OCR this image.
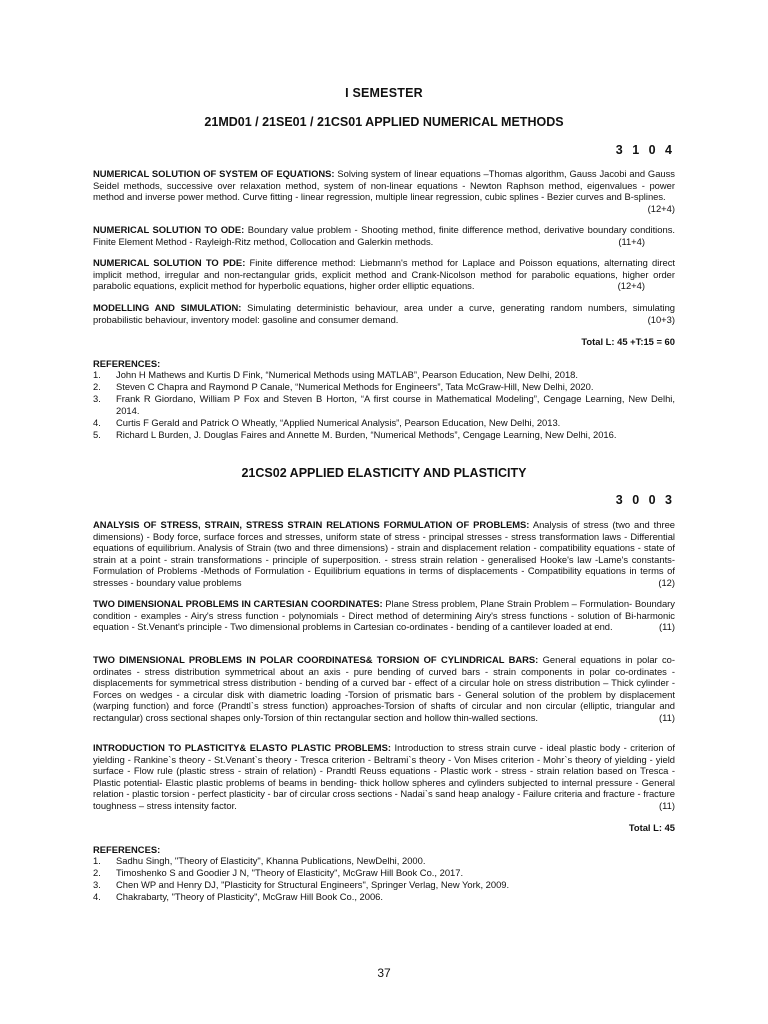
I SEMESTER
21MD01 / 21SE01 / 21CS01 APPLIED NUMERICAL METHODS
3 1 0 4

NUMERICAL SOLUTION OF SYSTEM OF EQUATIONS: Solving system of linear equations –Thomas algorithm, Gauss Jacobi and Gauss Seidel methods, successive over relaxation method, system of non-linear equations - Newton Raphson method, eigenvalues - power method and inverse power method. Curve fitting - linear regression, multiple linear regression, cubic splines - Bezier curves and B-splines.
(12+4)

NUMERICAL SOLUTION TO ODE: Boundary value problem - Shooting method, finite difference method, derivative boundary conditions. Finite Element Method - Rayleigh-Ritz method, Collocation and Galerkin methods.	(11+4)

NUMERICAL SOLUTION TO PDE: Finite difference method: Liebmann's method for Laplace and Poisson equations, alternating direct implicit method, irregular and non-rectangular grids, explicit method and Crank-Nicolson method for parabolic equations, higher order parabolic equations, explicit method for hyperbolic equations, higher order elliptic equations.	(12+4)

MODELLING AND SIMULATION: Simulating deterministic behaviour, area under a curve, generating random numbers, simulating probabilistic behaviour, inventory model: gasoline and consumer demand.	(10+3)

Total L: 45 +T:15 = 60
REFERENCES:
1.	John H Mathews and Kurtis D Fink, “Numerical Methods using MATLAB”, Pearson Education, New Delhi, 2018.
2.	Steven C Chapra and Raymond P Canale, “Numerical Methods for Engineers”, Tata McGraw-Hill, New Delhi, 2020.
3.	Frank R Giordano, William P Fox and Steven B Horton, “A first course in Mathematical Modeling”, Cengage Learning, New Delhi, 2014.
4.	Curtis F Gerald and Patrick O Wheatly, “Applied Numerical Analysis”, Pearson Education, New Delhi, 2013.
5.	Richard L Burden, J. Douglas Faires and Annette M. Burden, “Numerical Methods”, Cengage Learning, New Delhi, 2016.
21CS02 APPLIED ELASTICITY AND PLASTICITY
3 0 0 3

ANALYSIS OF STRESS, STRAIN, STRESS STRAIN RELATIONS FORMULATION OF PROBLEMS: Analysis of stress (two and three dimensions) - Body force, surface forces and stresses, uniform state of stress - principal stresses - stress transformation laws - Differential equations of equilibrium. Analysis of Strain (two and three dimensions) - strain and displacement relation - compatibility equations - state of strain at a point - strain transformations - principle of superposition. - stress strain relation - generalised Hooke's law -Lame's constants- Formulation of Problems -Methods of Formulation - Equilibrium equations in terms of displacements - Compatibility equations in terms of stresses - boundary value problems	(12)

TWO DIMENSIONAL PROBLEMS IN CARTESIAN COORDINATES: Plane Stress problem, Plane Strain Problem – Formulation- Boundary condition - examples - Airy's stress function - polynomials - Direct method of determining Airy's stress functions - solution of Bi-harmonic equation - St.Venant's principle - Two dimensional problems in Cartesian co-ordinates - bending of a cantilever loaded at end.	(11)

TWO DIMENSIONAL PROBLEMS IN POLAR COORDINATES& TORSION OF CYLINDRICAL BARS: General equations in polar co-ordinates - stress distribution symmetrical about an axis - pure bending of curved bars - strain components in polar co-ordinates - displacements for symmetrical stress distribution - bending of a curved bar - effect of a circular hole on stress distribution – Thick cylinder - Forces on wedges - a circular disk with diametric loading -Torsion of prismatic bars - General solution of the problem by displacement (warping function) and force (Prandtl`s stress function) approaches-Torsion of shafts of circular and non circular (elliptic, triangular and rectangular) cross sectional shapes only-Torsion of thin rectangular section and hollow thin-walled sections.	(11)

INTRODUCTION TO PLASTICITY& ELASTO PLASTIC PROBLEMS: Introduction to stress strain curve - ideal plastic body - criterion of yielding - Rankine`s theory - St.Venant`s theory - Tresca criterion - Beltrami`s theory - Von Mises criterion - Mohr`s theory of yielding - yield surface - Flow rule (plastic stress - strain of relation) - Prandtl Reuss equations - Plastic work - stress - strain relation based on Tresca - Plastic potential- Elastic plastic problems of beams in bending- thick hollow spheres and cylinders subjected to internal pressure - General relation - plastic torsion - perfect plasticity - bar of circular cross sections - Nadai`s sand heap analogy - Failure criteria and fracture - fracture toughness – stress intensity factor.	(11)

Total L: 45
REFERENCES:
1.	Sadhu Singh, "Theory of Elasticity", Khanna Publications, NewDelhi, 2000.
2.	Timoshenko S and Goodier J N, "Theory of Elasticity", McGraw Hill Book Co., 2017.
3.	Chen WP and Henry DJ, "Plasticity for Structural Engineers", Springer Verlag, New York, 2009.
4.	Chakrabarty, "Theory of Plasticity", McGraw Hill Book Co., 2006.
37
